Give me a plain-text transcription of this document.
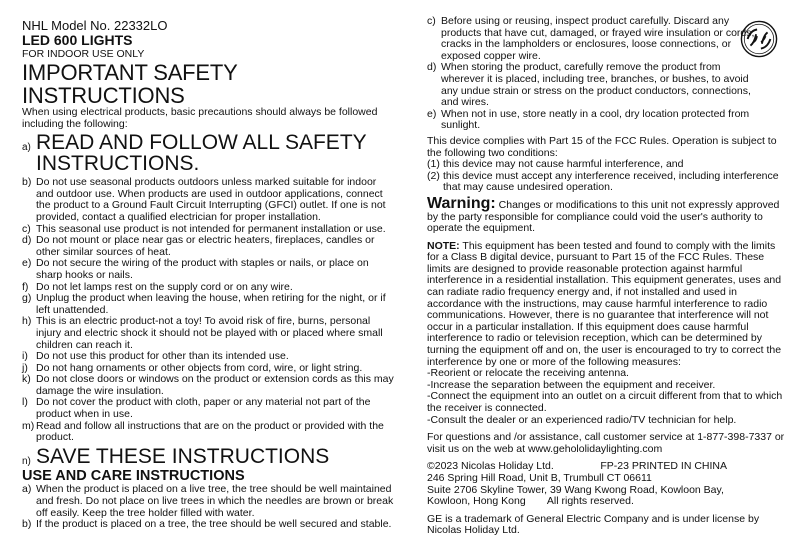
NHL Model No. 22332LO
LED 600 LIGHTS
FOR INDOOR USE ONLY
IMPORTANT SAFETY INSTRUCTIONS
When using electrical products, basic precautions should always be followed including the following:
a) READ AND FOLLOW ALL SAFETY INSTRUCTIONS.
b) Do not use seasonal products outdoors unless marked suitable for indoor and outdoor use. When products are used in outdoor applications, connect the product to a Ground Fault Circuit Interrupting (GFCI) outlet. If one is not provided, contact a qualified electrician for proper installation.
c) This seasonal use product is not intended for permanent installation or use.
d) Do not mount or place near gas or electric heaters, fireplaces, candles or other similar sources of heat.
e) Do not secure the wiring of the product with staples or nails, or place on sharp hooks or nails.
f) Do not let lamps rest on the supply cord or on any wire.
g) Unplug the product when leaving the house, when retiring for the night, or if left unattended.
h) This is an electric product-not a toy! To avoid risk of fire, burns, personal injury and electric shock it should not be played with or placed where small children can reach it.
i) Do not use this product for other than its intended use.
j) Do not hang ornaments or other objects from cord, wire, or light string.
k) Do not close doors or windows on the product or extension cords as this may damage the wire insulation.
l) Do not cover the product with cloth, paper or any material not part of the product when in use.
m) Read and follow all instructions that are on the product or provided with the product.
n) SAVE THESE INSTRUCTIONS
USE AND CARE INSTRUCTIONS
a) When the product is placed on a live tree, the tree should be well maintained and fresh. Do not place on live trees in which the needles are brown or break off easily. Keep the tree holder filled with water.
b) If the product is placed on a tree, the tree should be well secured and stable.
c) Before using or reusing, inspect product carefully. Discard any products that have cut, damaged, or frayed wire insulation or cords, cracks in the lampholders or enclosures, loose connections, or exposed copper wire.
d) When storing the product, carefully remove the product from wherever it is placed, including tree, branches, or bushes, to avoid any undue strain or stress on the product conductors, connections, and wires.
e) When not in use, store neatly in a cool, dry location protected from sunlight.
This device complies with Part 15 of the FCC Rules. Operation is subject to the following two conditions:
(1) this device may not cause harmful interference, and
(2) this device must accept any interference received, including interference that may cause undesired operation.
Warning: Changes or modifications to this unit not expressly approved by the party responsible for compliance could void the user's authority to operate the equipment.
NOTE: This equipment has been tested and found to comply with the limits for a Class B digital device, pursuant to Part 15 of the FCC Rules. These limits are designed to provide reasonable protection against harmful interference in a residential installation. This equipment generates, uses and can radiate radio frequency energy and, if not installed and used in accordance with the instructions, may cause harmful interference to radio communications. However, there is no guarantee that interference will not occur in a particular installation. If this equipment does cause harmful interference to radio or television reception, which can be determined by turning the equipment off and on, the user is encouraged to try to correct the interference by one or more of the following measures:
-Reorient or relocate the receiving antenna.
-Increase the separation between the equipment and receiver.
-Connect the equipment into an outlet on a circuit different from that to which the receiver is connected.
-Consult the dealer or an experienced radio/TV technician for help.
For questions and /or assistance, call customer service at 1-877-398-7337 or visit us on the web at www.gehololidaylighting.com
©2023 Nicolas Holiday Ltd.	FP-23 PRINTED IN CHINA
246 Spring Hill Road, Unit B, Trumbull CT 06611
Suite 2706 Skyline Tower, 39 Wang Kwong Road, Kowloon Bay,
Kowloon, Hong Kong All rights reserved.
GE is a trademark of General Electric Company and is under license by Nicolas Holiday Ltd.
